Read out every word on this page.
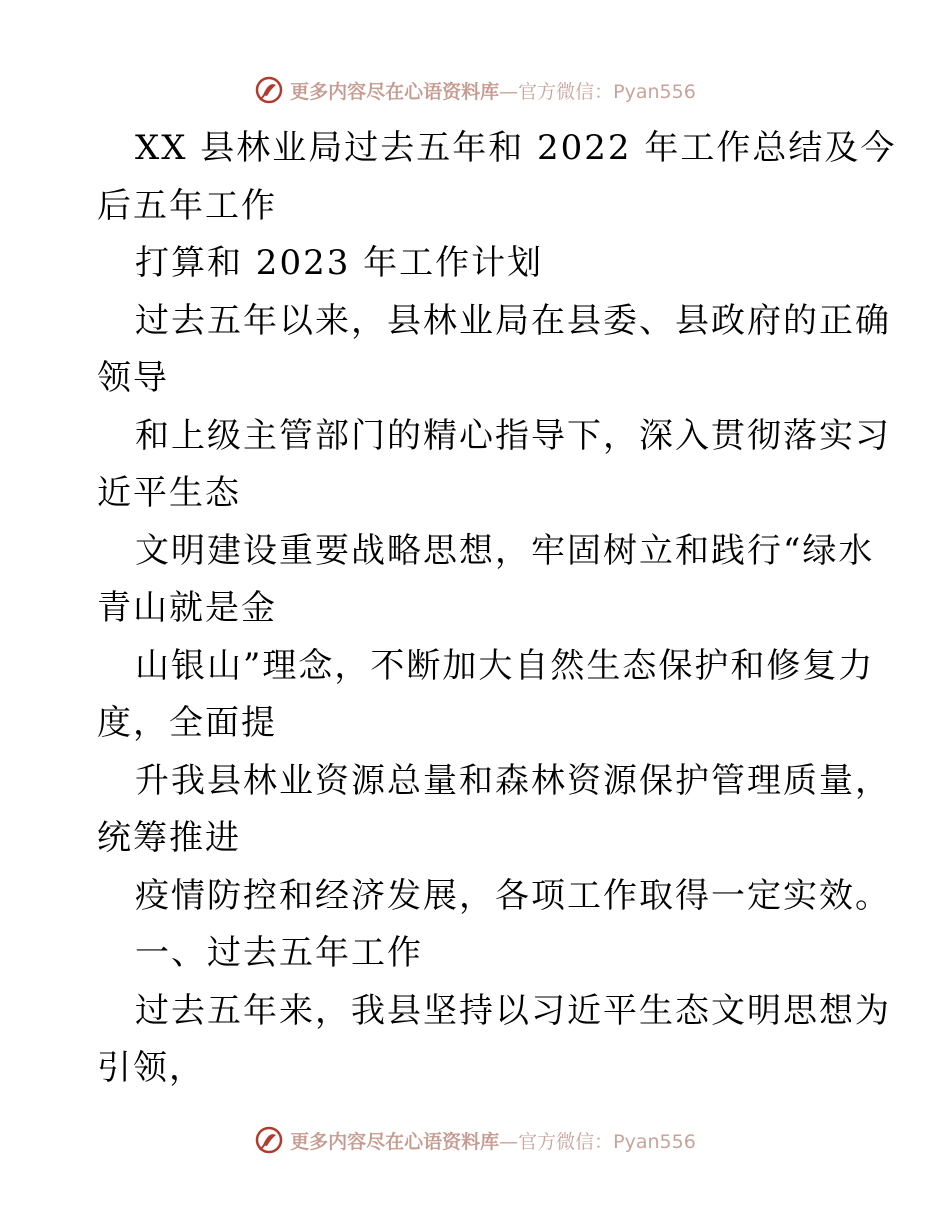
更多内容尽在心语资料库—官方微信：Pyan556

XX 县林业局过去五年和 2022 年工作总结及今

后五年工作

打算和 2023 年工作计划

过去五年以来，县林业局在县委、县政府的正确

领导

和上级主管部门的精心指导下，深入贯彻落实习

近平生态

文明建设重要战略思想，牢固树立和践行“绿水

青山就是金

山银山”理念，不断加大自然生态保护和修复力

度，全面提

升我县林业资源总量和森林资源保护管理质量，

统筹推进

疫情防控和经济发展，各项工作取得一定实效。

一、过去五年工作

过去五年来，我县坚持以习近平生态文明思想为

引领，

更多内容尽在心语资料库—官方微信：Pyan556
